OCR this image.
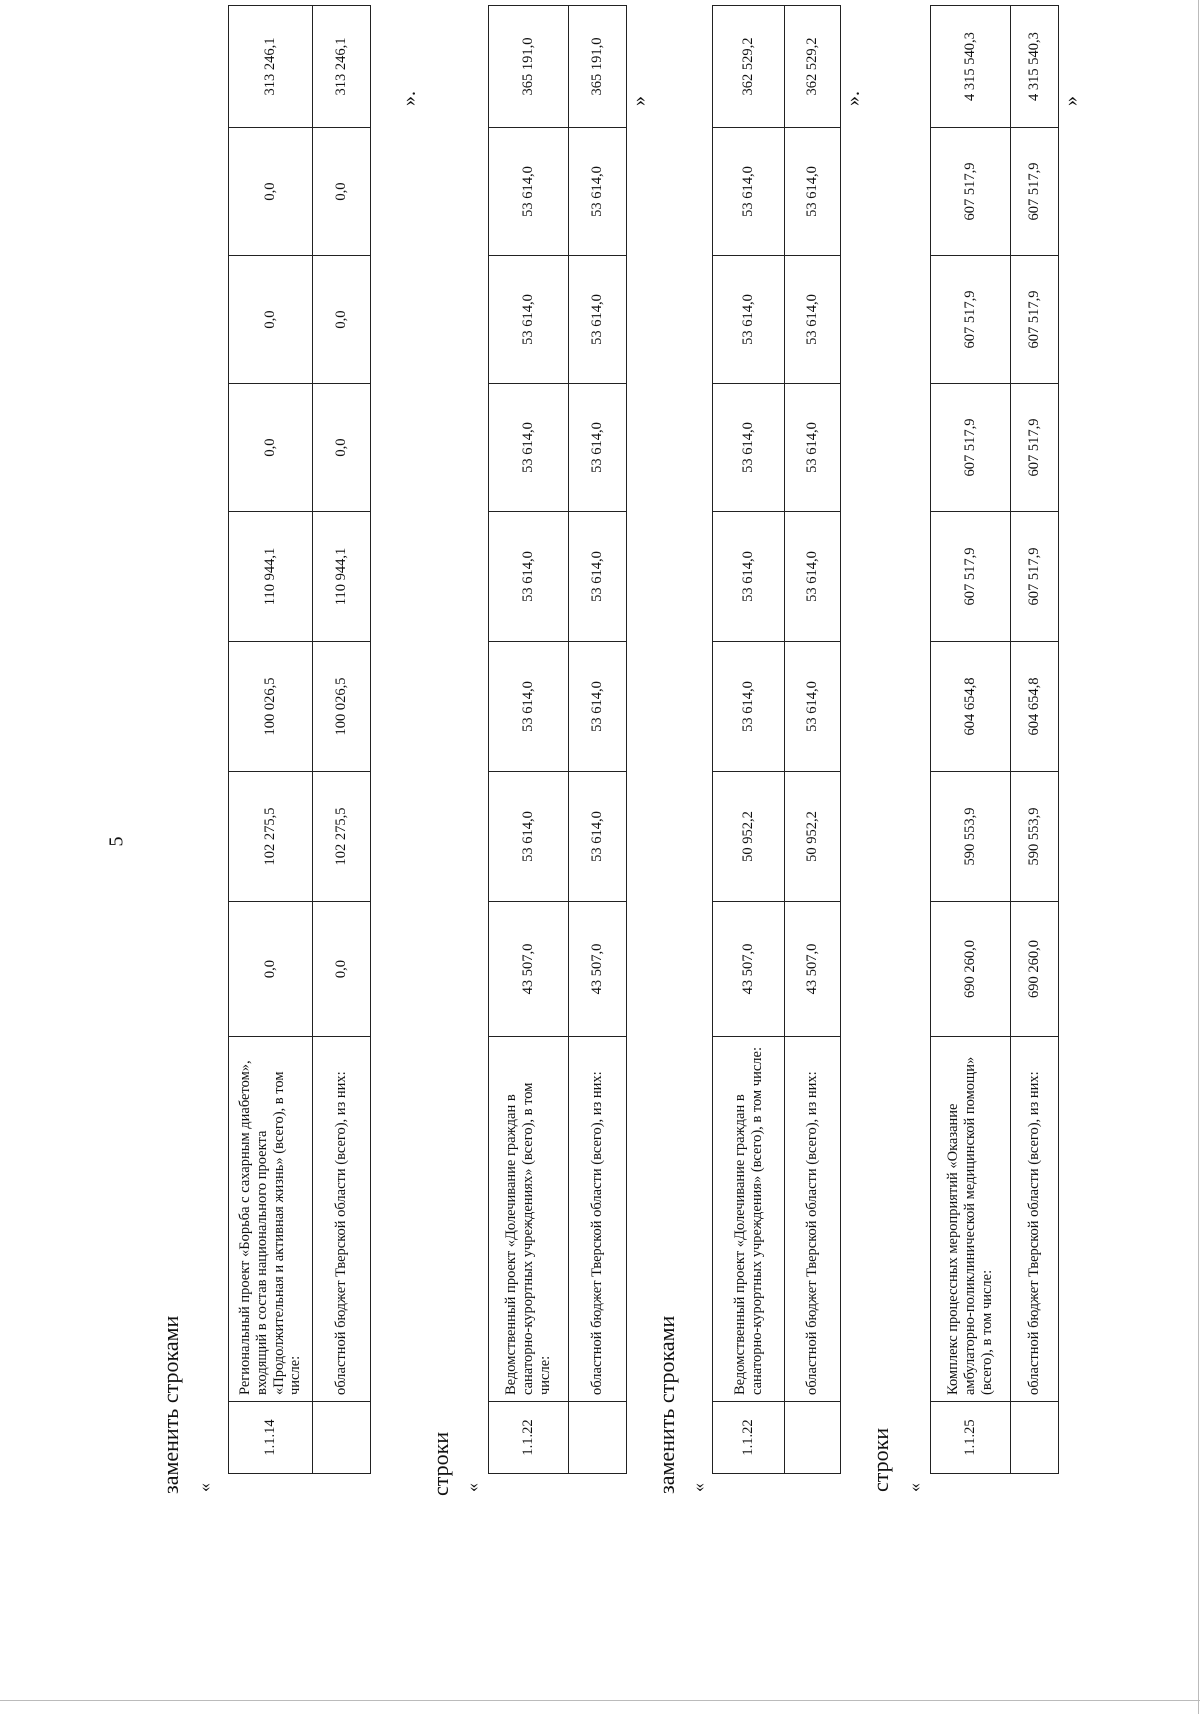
5
заменить строками «
1.1.14	Региональный проект «Борьба с сахарным диабетом», входящий в состав национального проекта «Продолжительная и активная жизнь» (всего), в том числе:	0,0	102 275,5	100 026,5	110 944,1	0,0	0,0	0,0	313 246,1
	областной бюджет Тверской области (всего), из них:	0,0	102 275,5	100 026,5	110 944,1	0,0	0,0	0,0	313 246,1
».
строки «
1.1.22	Ведомственный проект «Долечивание граждан в санаторно-курортных учреждениях» (всего), в том числе:	43 507,0	53 614,0	53 614,0	53 614,0	53 614,0	53 614,0	53 614,0	365 191,0
	областной бюджет Тверской области (всего), из них:	43 507,0	53 614,0	53 614,0	53 614,0	53 614,0	53 614,0	53 614,0	365 191,0
»
заменить строками «
1.1.22	Ведомственный проект «Долечивание граждан в санаторно-курортных учреждения» (всего), в том числе:	43 507,0	50 952,2	53 614,0	53 614,0	53 614,0	53 614,0	53 614,0	362 529,2
	областной бюджет Тверской области (всего), из них:	43 507,0	50 952,2	53 614,0	53 614,0	53 614,0	53 614,0	53 614,0	362 529,2
».
строки «
1.1.25	Комплекс процессных мероприятий «Оказание амбулаторно-поликлинической медицинской помощи» (всего), в том числе:	690 260,0	590 553,9	604 654,8	607 517,9	607 517,9	607 517,9	607 517,9	4 315 540,3
	областной бюджет Тверской области (всего), из них:	690 260,0	590 553,9	604 654,8	607 517,9	607 517,9	607 517,9	607 517,9	4 315 540,3
»
